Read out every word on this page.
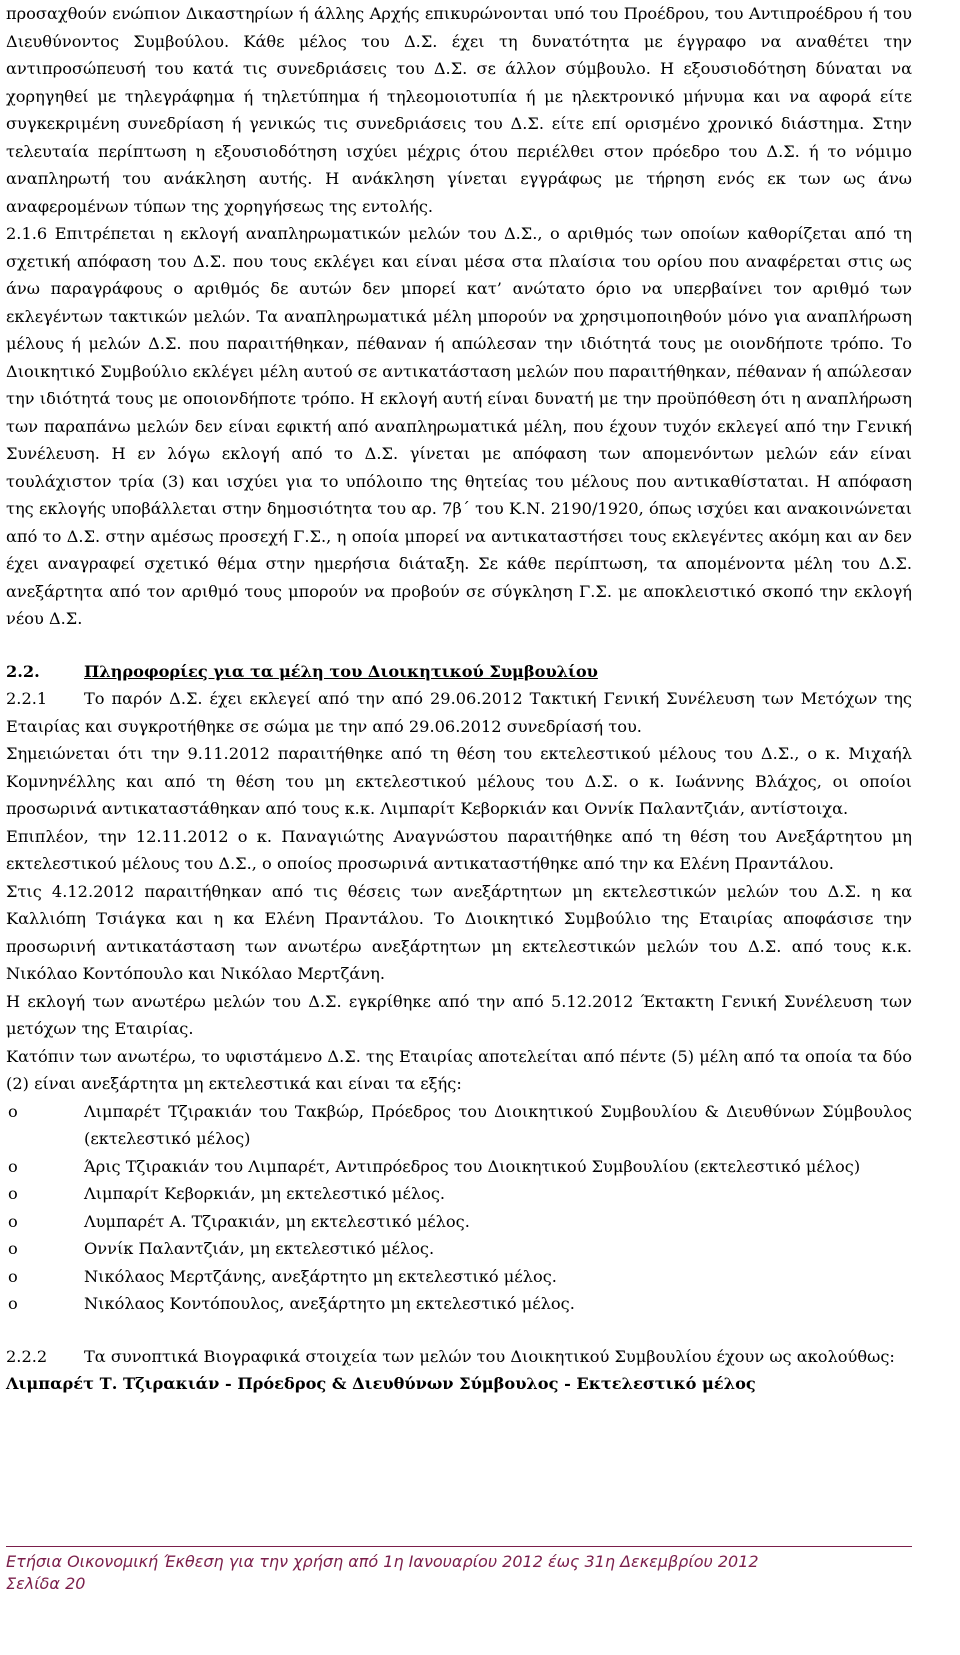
προσαχθούν ενώπιον Δικαστηρίων ή άλλης Αρχής επικυρώνονται υπό του Προέδρου, του Αντιπροέδρου ή του Διευθύνοντος Συμβούλου. Κάθε μέλος του Δ.Σ. έχει τη δυνατότητα με έγγραφο να αναθέτει την αντιπροσώπευσή του κατά τις συνεδριάσεις του Δ.Σ. σε άλλον σύμβουλο. Η εξουσιοδότηση δύναται να χορηγηθεί με τηλεγράφημα ή τηλετύπημα ή τηλεομοιοτυπία ή με ηλεκτρονικό μήνυμα και να αφορά είτε συγκεκριμένη συνεδρίαση ή γενικώς τις συνεδριάσεις του Δ.Σ. είτε επί ορισμένο χρονικό διάστημα. Στην τελευταία περίπτωση η εξουσιοδότηση ισχύει μέχρις ότου περιέλθει στον πρόεδρο του Δ.Σ. ή το νόμιμο αναπληρωτή του ανάκληση αυτής. Η ανάκληση γίνεται εγγράφως με τήρηση ενός εκ των ως άνω αναφερομένων τύπων της χορηγήσεως της εντολής.

2.1.6 Επιτρέπεται η εκλογή αναπληρωματικών μελών του Δ.Σ., ο αριθμός των οποίων καθορίζεται από τη σχετική απόφαση του Δ.Σ. που τους εκλέγει και είναι μέσα στα πλαίσια του ορίου που αναφέρεται στις ως άνω παραγράφους ο αριθμός δε αυτών δεν μπορεί κατ’ ανώτατο όριο να υπερβαίνει τον αριθμό των εκλεγέντων τακτικών μελών. Τα αναπληρωματικά μέλη μπορούν να χρησιμοποιηθούν μόνο για αναπλήρωση μέλους ή μελών Δ.Σ. που παραιτήθηκαν, πέθαναν ή απώλεσαν την ιδιότητά τους με οιονδήποτε τρόπο. Το Διοικητικό Συμβούλιο εκλέγει μέλη αυτού σε αντικατάσταση μελών που παραιτήθηκαν, πέθαναν ή απώλεσαν την ιδιότητά τους με οποιονδήποτε τρόπο. Η εκλογή αυτή είναι δυνατή με την προϋπόθεση ότι η αναπλήρωση των παραπάνω μελών δεν είναι εφικτή από αναπληρωματικά μέλη, που έχουν τυχόν εκλεγεί από την Γενική Συνέλευση. Η εν λόγω εκλογή από το Δ.Σ. γίνεται με απόφαση των απομενόντων μελών εάν είναι τουλάχιστον τρία (3) και ισχύει για το υπόλοιπο της θητείας του μέλους που αντικαθίσταται. Η απόφαση της εκλογής υποβάλλεται στην δημοσιότητα του αρ. 7β΄ του Κ.Ν. 2190/1920, όπως ισχύει και ανακοινώνεται από το Δ.Σ. στην αμέσως προσεχή Γ.Σ., η οποία μπορεί να αντικαταστήσει τους εκλεγέντες ακόμη και αν δεν έχει αναγραφεί σχετικό θέμα στην ημερήσια διάταξη. Σε κάθε περίπτωση, τα απομένοντα μέλη του Δ.Σ. ανεξάρτητα από τον αριθμό τους μπορούν να προβούν σε σύγκληση Γ.Σ. με αποκλειστικό σκοπό την εκλογή νέου Δ.Σ.

2.2.	Πληροφορίες για τα μέλη του Διοικητικού Συμβουλίου

2.2.1 Το παρόν Δ.Σ. έχει εκλεγεί από την από 29.06.2012 Τακτική Γενική Συνέλευση των Μετόχων της Εταιρίας και συγκροτήθηκε σε σώμα με την από 29.06.2012 συνεδρίασή του.

Σημειώνεται ότι την 9.11.2012 παραιτήθηκε από τη θέση του εκτελεστικού μέλους του Δ.Σ., ο κ. Μιχαήλ Κομνηνέλλης και από τη θέση του μη εκτελεστικού μέλους του Δ.Σ. ο κ. Ιωάννης Βλάχος, οι οποίοι προσωρινά αντικαταστάθηκαν από τους κ.κ. Λιμπαρίτ Κεβορκιάν και Οννίκ Παλαντζιάν, αντίστοιχα.

Επιπλέον, την 12.11.2012 ο κ. Παναγιώτης Αναγνώστου παραιτήθηκε από τη θέση του Ανεξάρτητου μη εκτελεστικού μέλους του Δ.Σ., ο οποίος προσωρινά αντικαταστήθηκε από την κα Ελένη Πραντάλου.

Στις 4.12.2012 παραιτήθηκαν από τις θέσεις των ανεξάρτητων μη εκτελεστικών μελών του Δ.Σ. η κα Καλλιόπη Τσιάγκα και η κα Ελένη Πραντάλου. Το Διοικητικό Συμβούλιο της Εταιρίας αποφάσισε την προσωρινή αντικατάσταση των ανωτέρω ανεξάρτητων μη εκτελεστικών μελών του Δ.Σ. από τους κ.κ. Νικόλαο Κοντόπουλο και Νικόλαο Μερτζάνη.

Η εκλογή των ανωτέρω μελών του Δ.Σ. εγκρίθηκε από την από 5.12.2012 Έκτακτη Γενική Συνέλευση των μετόχων της Εταιρίας.

Κατόπιν των ανωτέρω, το υφιστάμενο Δ.Σ. της Εταιρίας αποτελείται από πέντε (5) μέλη από τα οποία τα δύο (2) είναι ανεξάρτητα μη εκτελεστικά και είναι τα εξής:

o	Λιμπαρέτ Τζιρακιάν του Τακβώρ, Πρόεδρος του Διοικητικού Συμβουλίου & Διευθύνων Σύμβουλος (εκτελεστικό μέλος)
o	Άρις Τζιρακιάν του Λιμπαρέτ, Αντιπρόεδρος του Διοικητικού Συμβουλίου (εκτελεστικό μέλος)
o	Λιμπαρίτ Κεβορκιάν, μη εκτελεστικό μέλος.
o	Λυμπαρέτ Α. Τζιρακιάν, μη εκτελεστικό μέλος.
o	Οννίκ Παλαντζιάν, μη εκτελεστικό μέλος.
o	Νικόλαος Μερτζάνης, ανεξάρτητο μη εκτελεστικό μέλος.
o	Νικόλαος Κοντόπουλος, ανεξάρτητο μη εκτελεστικό μέλος.

2.2.2 Τα συνοπτικά Βιογραφικά στοιχεία των μελών του Διοικητικού Συμβουλίου έχουν ως ακολούθως:

Λιμπαρέτ Τ. Τζιρακιάν - Πρόεδρος & Διευθύνων Σύμβουλος - Εκτελεστικό μέλος

Ετήσια Οικονομική Έκθεση για την χρήση από 1η Ιανουαρίου 2012 έως 31η Δεκεμβρίου 2012
Σελίδα 20
